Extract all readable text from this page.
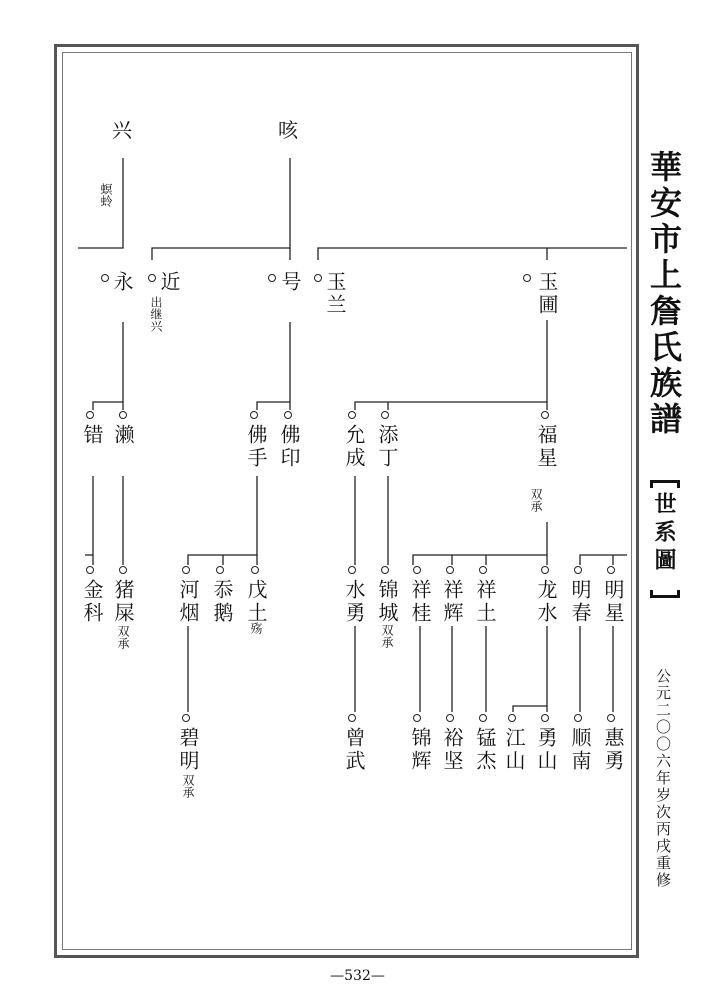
兴
螟蛉
咳
永 近
出继兴
号 玉兰	玉圃
错 濑	佛手 佛印 允成 添丁	福星
双承
金科 猪屎
双承
河烟 忝鹅 戊土
殇
水勇 锦城
双承
祥桂 祥辉 祥土 龙水 明春 明星
碧明
双承
曾武 锦辉 裕坚 锰杰 江山 勇山 顺南 惠勇
華安市上詹氏族譜
世系圖
公元二〇〇六年岁次丙戌重修
—532—
